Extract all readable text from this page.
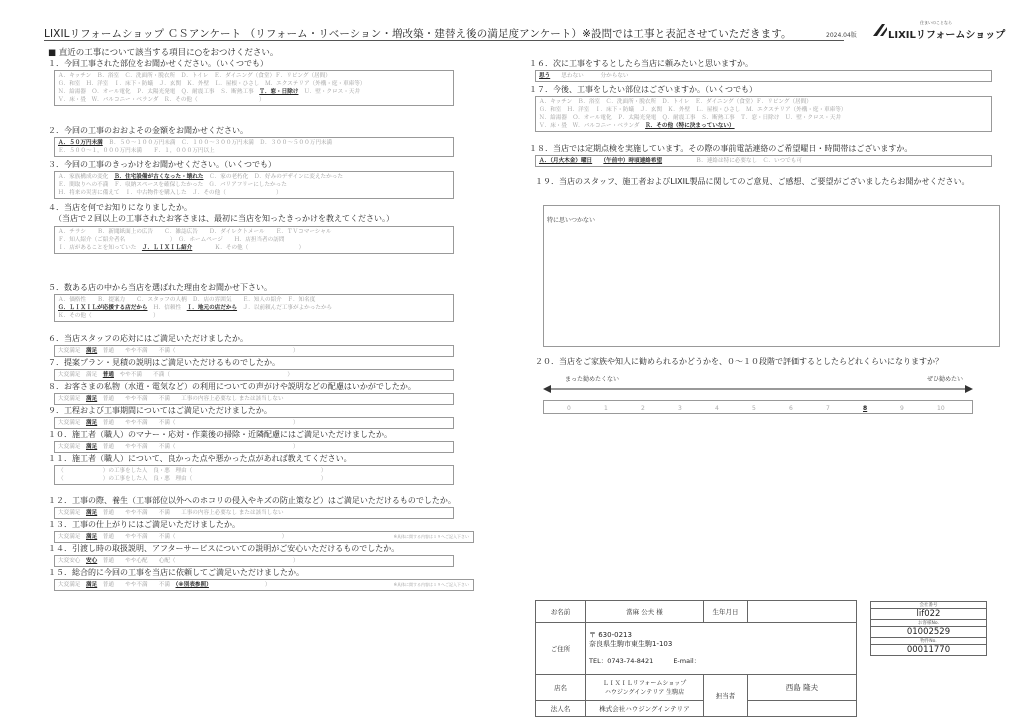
LIXILリフォームショップ ＣＳアンケート （リフォーム・リベーション・増改築・建替え後の満足度アンケート）※設問では工事と表記させていただきます。	2024.04版
住まいのことなら
LIXILリフォームショップ
■ 直近の工事について該当する項目に○をおつけください。
１．今回工事された部位をお聞かせください。（いくつでも）
Ａ．キッチン　Ｂ．浴室　Ｃ．洗面所・脱衣所　Ｄ．トイレ　Ｅ．ダイニング（食堂）Ｆ．リビング（居間）
Ｇ．和室　Ｈ．洋室　Ｉ．床下・防蟻　Ｊ．玄関　Ｋ．外壁　Ｌ．屋根・ひさし　Ｍ．エクステリア（外構・庭・車庫等）
Ｎ．給湯器　Ｏ．オール電化　Ｐ．太陽光発電　Ｑ．耐震工事　Ｓ．断熱工事　Ｔ．窓・日除け　Ｕ．壁・クロス・天井
Ｖ．床・畳　Ｗ．バルコニー・ベランダ　Ｒ．その他（　　　　　　　　　　　）
２．今回の工事のおおよその金額をお聞かせください。
Ａ．５０万円未満　Ｂ．５０～１００万円未満　Ｃ．１００～３００万円未満　Ｄ．３００～５００万円未満
Ｅ．５００～１，０００万円未満　　Ｆ．１，０００万円以上
３．今回の工事のきっかけをお聞かせください。（いくつでも）
Ａ．家族構成の変化　Ｂ．住宅設備が古くなった・壊れた　Ｃ．家の老朽化　Ｄ．好みのデザインに変えたかった
Ｅ．間取りへの不満　Ｆ．収納スペースを確保したかった　Ｇ．バリアフリーにしたかった
Ｈ．将来の災害に備えて　Ｉ．中古物件を購入した　Ｊ．その他（　　　　　　　　　）
４．当店を何でお知りになりましたか。
（当店で２回以上の工事されたお客さまは、最初に当店を知ったきっかけを教えてください。）
Ａ．チラシ　　Ｂ．新聞紙面上の広告　　Ｃ．雑誌広告　　Ｄ．ダイレクトメール　　Ｅ．ＴＶコマーシャル
Ｆ．知人紹介（ご紹介者名　　　　　　　　）　Ｇ．ホームページ　　Ｈ．店担当者の訪問
Ｉ．店があることを知っていた　Ｊ．ＬＩＸＩＬ紹介　　　　Ｋ．その他（　　　　　　　　　）
５．数ある店の中から当店を選ばれた理由をお聞かせ下さい。
Ａ．価格性　　Ｂ．提案力　　Ｃ．スタッフの人柄　Ｄ．店の雰囲気　　Ｅ．知人の紹介　Ｆ．知名度
Ｇ．ＬＩＸＩＬが応援する店だから　Ｈ．信頼性　Ｉ．地元の店だから　Ｊ．以前頼んだ工事がよかったから
Ｋ．その他（　　　　　　　　　　　）
６．当店スタッフの応対にはご満足いただけましたか。
大変満足　満足　普通　　やや不満　　不満（　　　　　　　　　　　　　　　　　　　　　）
７．提案プラン・見積の説明はご満足いただけるものでしたか。
大変満足　満足　普通　やや不満　　不満（　　　　　　　　　　　　　　　　　　　　　）
８．お客さまの私物（水道・電気など）の利用についての声がけや説明などの配慮はいかがでしたか。
大変満足　満足　普通　　やや不満　　不満　　工事の内容上必要なし または該当しない
９．工程および工事期間についてはご満足いただけましたか。
大変満足　満足　普通　　やや不満　　不満（　　　　　　　　　　　　　　　　　　　　　）
１０．施工者（職人）のマナー・応対・作業後の掃除・近隣配慮にはご満足いただけましたか。
大変満足　満足　普通　　やや不満　　不満（　　　　　　　　　　　　　　　　　　　　　）
１１．施工者（職人）について、良かった点や悪かった点があれば教えてください。
（　　　　　　　）の工事をした人　良・悪　理由（　　　　　　　　　　　　　　　　　　　　　　　）
（　　　　　　　）の工事をした人　良・悪　理由（　　　　　　　　　　　　　　　　　　　　　　　）
１２．工事の際、養生（工事部位以外へのホコリの侵入やキズの防止策など）はご満足いただけるものでしたか。
大変満足　満足　普通　　やや不満　　不満　　工事の内容上必要なし または該当しない
１３．工事の仕上がりにはご満足いただけましたか。
大変満足　満足　普通　　やや不満　　不満（　　　　　　　　　　　　　　　　　　　）	※具体に関する内容は１９へご記入下さい
１４．引渡し時の取扱説明、アフターサービスについての説明がご安心いただけるものでしたか。
大変安心　安心　普通　　やや心配　　心配（　　　　　　　　　　　　　　　　　　　　　）
１５．総合的に今回の工事を当店に依頼してご満足いただけましたか。
大変満足　満足　普通　　やや不満　　不満　（※別表参照）　　　　　　　　　　）	※具体に関する内容は１９へご記入下さい
１６．次に工事をするとしたら当店に頼みたいと思いますか。
思う　　思わない　　　分からない
１７．今後、工事をしたい部位はございますか。（いくつでも）
Ａ．キッチン　Ｂ．浴室　Ｃ．洗面所・脱衣所　Ｄ．トイレ　Ｅ．ダイニング（食堂）Ｆ．リビング（居間）
Ｇ．和室　Ｈ．洋室　Ｉ．床下・防蟻　Ｊ．玄関　Ｋ．外壁　Ｌ．屋根・ひさし　Ｍ．エクステリア（外構・庭・車庫等）
Ｎ．給湯器　Ｏ．オール電化　Ｐ．太陽光発電　Ｑ．耐震工事　Ｓ．断熱工事　Ｔ．窓・日除け　Ｕ．壁・クロス・天井
Ｖ．床・畳　Ｗ．バルコニー・ベランダ　Ｒ．その他（特に決まっていない）
１８．当店では定期点検を実施しています。その際の事前電話連絡のご希望曜日・時間帯はございますか。
Ａ．（月火木金）曜日　　 （午前中）時頃連絡希望　　　　　　Ｂ．連絡は特に必要なし　Ｃ．いつでも可
１９．当店のスタッフ、施工者およびLIXIL製品に関してのご意見、ご感想、ご要望がございましたらお聞かせください。
２０．当店をご家族や知人に勧められるかどうかを、０～１０段階で評価するとしたらどれくらいになりますか？
特に思いつかない
まった勧めたくない	ぜひ勧めたい
0	1	2	3	4	5	6	7	8	9	10
お名前	當麻 公夫 様	生年月日	
ご住所	〒 630-0213
奈良県生駒市東生駒1-103
TEL：0743-74-8421 E-mail：		

店名	ＬＩＸＩＬリフォームショップ
ハウジングインテリア 生駒店	担当者	西島 隆夫
法人名	株式会社ハウジングインテリア		
会社番号
lif022
お客様No.
01002529
物件No.
00011770
